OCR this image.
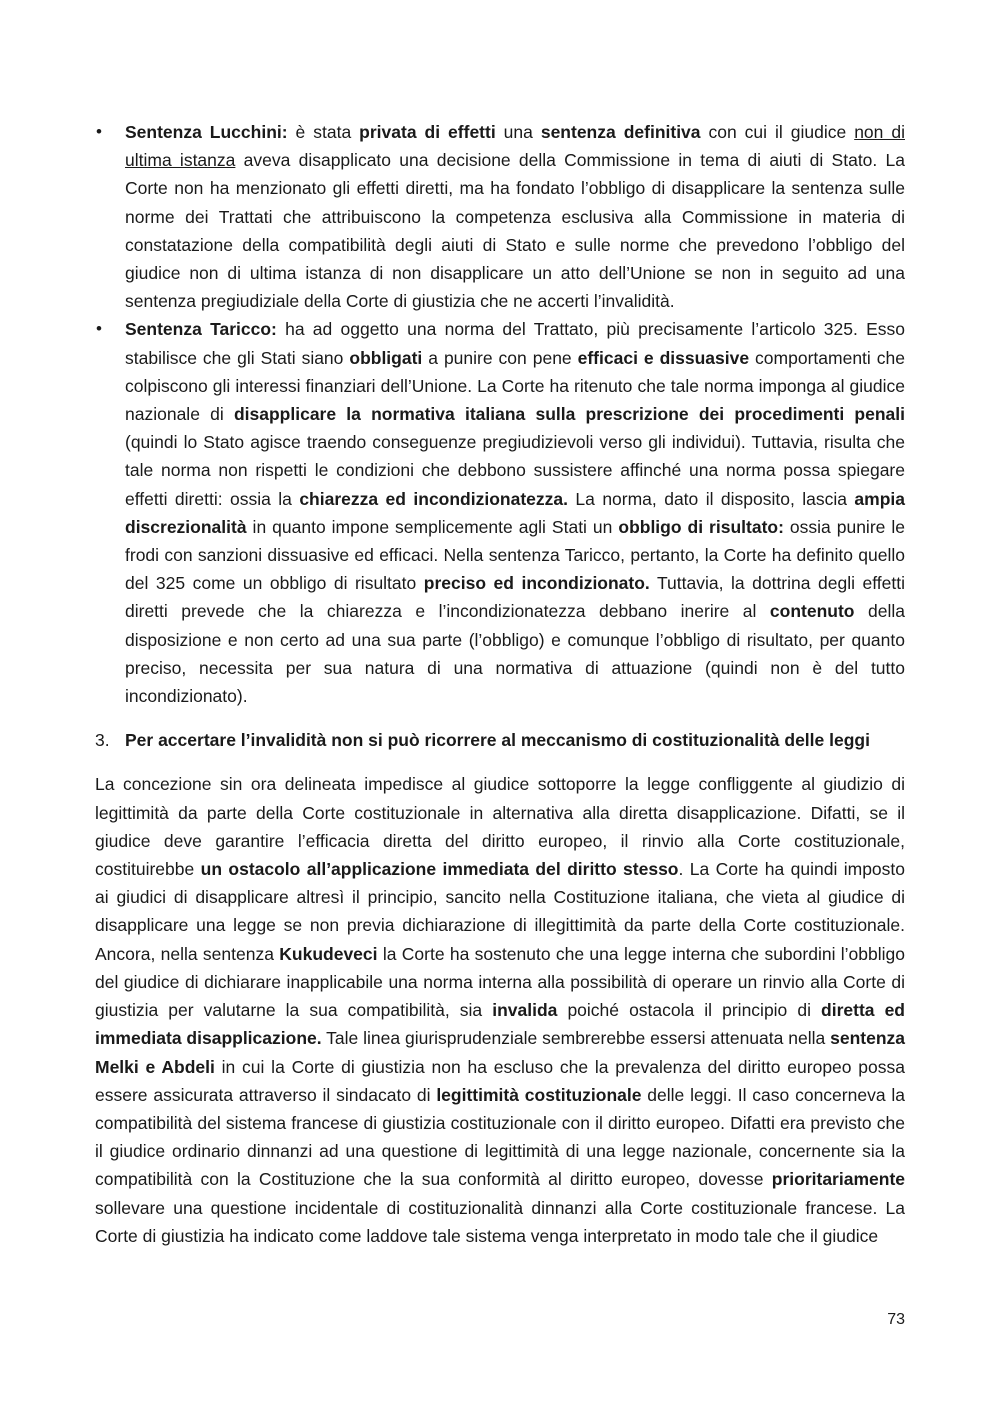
• Sentenza Lucchini: è stata privata di effetti una sentenza definitiva con cui il giudice non di ultima istanza aveva disapplicato una decisione della Commissione in tema di aiuti di Stato. La Corte non ha menzionato gli effetti diretti, ma ha fondato l’obbligo di disapplicare la sentenza sulle norme dei Trattati che attribuiscono la competenza esclusiva alla Commissione in materia di constatazione della compatibilità degli aiuti di Stato e sulle norme che prevedono l’obbligo del giudice non di ultima istanza di non disapplicare un atto dell’Unione se non in seguito ad una sentenza pregiudiziale della Corte di giustizia che ne accerti l’invalidità.
• Sentenza Taricco: ha ad oggetto una norma del Trattato, più precisamente l’articolo 325. Esso stabilisce che gli Stati siano obbligati a punire con pene efficaci e dissuasive comportamenti che colpiscono gli interessi finanziari dell’Unione. La Corte ha ritenuto che tale norma imponga al giudice nazionale di disapplicare la normativa italiana sulla prescrizione dei procedimenti penali (quindi lo Stato agisce traendo conseguenze pregiudizievoli verso gli individui). Tuttavia, risulta che tale norma non rispetti le condizioni che debbono sussistere affinché una norma possa spiegare effetti diretti: ossia la chiarezza ed incondizionatezza. La norma, dato il disposito, lascia ampia discrezionalità in quanto impone semplicemente agli Stati un obbligo di risultato: ossia punire le frodi con sanzioni dissuasive ed efficaci. Nella sentenza Taricco, pertanto, la Corte ha definito quello del 325 come un obbligo di risultato preciso ed incondizionato. Tuttavia, la dottrina degli effetti diretti prevede che la chiarezza e l’incondizionatezza debbano inerire al contenuto della disposizione e non certo ad una sua parte (l’obbligo) e comunque l’obbligo di risultato, per quanto preciso, necessita per sua natura di una normativa di attuazione (quindi non è del tutto incondizionato).
3. Per accertare l’invalidità non si può ricorrere al meccanismo di costituzionalità delle leggi
La concezione sin ora delineata impedisce al giudice sottoporre la legge confliggente al giudizio di legittimità da parte della Corte costituzionale in alternativa alla diretta disapplicazione. Difatti, se il giudice deve garantire l’efficacia diretta del diritto europeo, il rinvio alla Corte costituzionale, costituirebbe un ostacolo all’applicazione immediata del diritto stesso. La Corte ha quindi imposto ai giudici di disapplicare altresì il principio, sancito nella Costituzione italiana, che vieta al giudice di disapplicare una legge se non previa dichiarazione di illegittimità da parte della Corte costituzionale. Ancora, nella sentenza Kukudeveci la Corte ha sostenuto che una legge interna che subordini l’obbligo del giudice di dichiarare inapplicabile una norma interna alla possibilità di operare un rinvio alla Corte di giustizia per valutarne la sua compatibilità, sia invalida poiché ostacola il principio di diretta ed immediata disapplicazione. Tale linea giurisprudenziale sembrerebbe essersi attenuata nella sentenza Melki e Abdeli in cui la Corte di giustizia non ha escluso che la prevalenza del diritto europeo possa essere assicurata attraverso il sindacato di legittimità costituzionale delle leggi. Il caso concerneva la compatibilità del sistema francese di giustizia costituzionale con il diritto europeo. Difatti era previsto che il giudice ordinario dinnanzi ad una questione di legittimità di una legge nazionale, concernente sia la compatibilità con la Costituzione che la sua conformità al diritto europeo, dovesse prioritariamente sollevare una questione incidentale di costituzionalità dinnanzi alla Corte costituzionale francese. La Corte di giustizia ha indicato come laddove tale sistema venga interpretato in modo tale che il giudice
73
